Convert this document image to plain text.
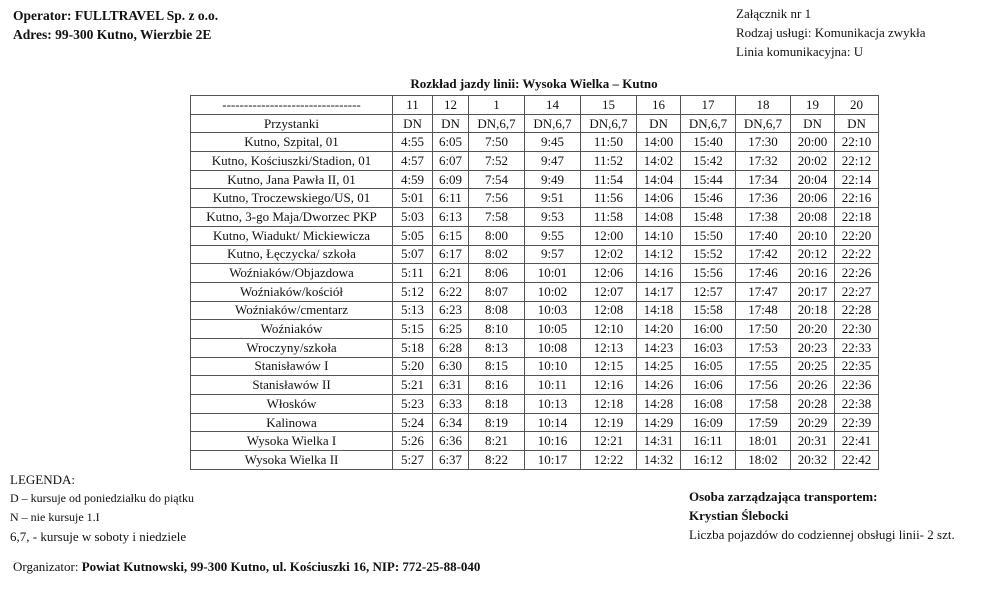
Operator: FULLTRAVEL Sp. z o.o.
Adres: 99-300 Kutno, Wierzbie 2E
Załącznik nr 1
Rodzaj usługi: Komunikacja zwykła
Linia komunikacyjna: U
Rozkład jazdy linii: Wysoka Wielka – Kutno
--------------------------------	11	12	1	14	15	16	17	18	19	20
Przystanki	DN	DN	DN,6,7	DN,6,7	DN,6,7	DN	DN,6,7	DN,6,7	DN	DN
Kutno, Szpital, 01	4:55	6:05	7:50	9:45	11:50	14:00	15:40	17:30	20:00	22:10
Kutno, Kościuszki/Stadion, 01	4:57	6:07	7:52	9:47	11:52	14:02	15:42	17:32	20:02	22:12
Kutno, Jana Pawła II, 01	4:59	6:09	7:54	9:49	11:54	14:04	15:44	17:34	20:04	22:14
Kutno, Troczewskiego/US, 01	5:01	6:11	7:56	9:51	11:56	14:06	15:46	17:36	20:06	22:16
Kutno, 3-go Maja/Dworzec PKP	5:03	6:13	7:58	9:53	11:58	14:08	15:48	17:38	20:08	22:18
Kutno, Wiadukt/ Mickiewicza	5:05	6:15	8:00	9:55	12:00	14:10	15:50	17:40	20:10	22:20
Kutno, Łęczycka/ szkoła	5:07	6:17	8:02	9:57	12:02	14:12	15:52	17:42	20:12	22:22
Woźniaków/Objazdowa	5:11	6:21	8:06	10:01	12:06	14:16	15:56	17:46	20:16	22:26
Woźniaków/kościół	5:12	6:22	8:07	10:02	12:07	14:17	12:57	17:47	20:17	22:27
Woźniaków/cmentarz	5:13	6:23	8:08	10:03	12:08	14:18	15:58	17:48	20:18	22:28
Woźniaków	5:15	6:25	8:10	10:05	12:10	14:20	16:00	17:50	20:20	22:30
Wroczyny/szkoła	5:18	6:28	8:13	10:08	12:13	14:23	16:03	17:53	20:23	22:33
Stanisławów I	5:20	6:30	8:15	10:10	12:15	14:25	16:05	17:55	20:25	22:35
Stanisławów II	5:21	6:31	8:16	10:11	12:16	14:26	16:06	17:56	20:26	22:36
Włosków	5:23	6:33	8:18	10:13	12:18	14:28	16:08	17:58	20:28	22:38
Kalinowa	5:24	6:34	8:19	10:14	12:19	14:29	16:09	17:59	20:29	22:39
Wysoka Wielka I	5:26	6:36	8:21	10:16	12:21	14:31	16:11	18:01	20:31	22:41
Wysoka Wielka II	5:27	6:37	8:22	10:17	12:22	14:32	16:12	18:02	20:32	22:42
LEGENDA:
D – kursuje od poniedziałku do piątku
N – nie kursuje 1.I
6,7, - kursuje w soboty i niedziele
Osoba zarządzająca transportem:
Krystian Ślebocki
Liczba pojazdów do codziennej obsługi linii- 2 szt.
Organizator: Powiat Kutnowski, 99-300 Kutno, ul. Kościuszki 16, NIP: 772-25-88-040
